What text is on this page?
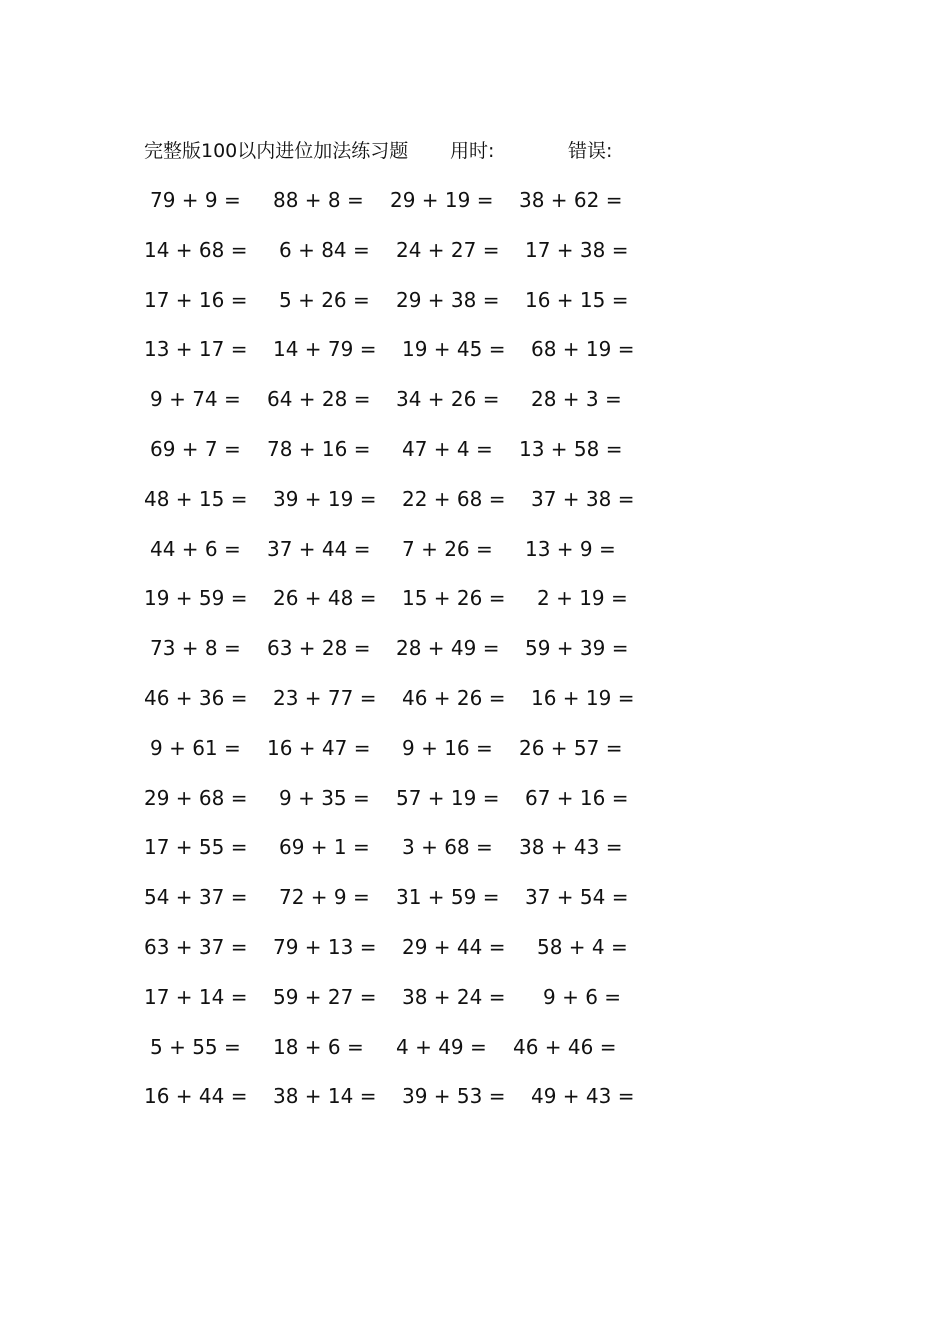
完整版100以内进位加法练习题 用时:	错误:
79 + 9 = 88 + 8 = 29 + 19 = 38 + 62 =
14 + 68 = 6 + 84 = 24 + 27 = 17 + 38 =
17 + 16 = 5 + 26 = 29 + 38 = 16 + 15 =
13 + 17 = 14 + 79 = 19 + 45 = 68 + 19 =
9 + 74 = 64 + 28 = 34 + 26 = 28 + 3 =
69 + 7 = 78 + 16 = 47 + 4 = 13 + 58 =
48 + 15 = 39 + 19 = 22 + 68 = 37 + 38 =
44 + 6 = 37 + 44 = 7 + 26 = 13 + 9 =
19 + 59 = 26 + 48 = 15 + 26 = 2 + 19 =
73 + 8 = 63 + 28 = 28 + 49 = 59 + 39 =
46 + 36 = 23 + 77 = 46 + 26 = 16 + 19 =
9 + 61 = 16 + 47 = 9 + 16 = 26 + 57 =
29 + 68 = 9 + 35 = 57 + 19 = 67 + 16 =
17 + 55 = 69 + 1 = 3 + 68 = 38 + 43 =
54 + 37 = 72 + 9 = 31 + 59 = 37 + 54 =
63 + 37 = 79 + 13 = 29 + 44 = 58 + 4 =
17 + 14 = 59 + 27 = 38 + 24 = 9 + 6 =
5 + 55 = 18 + 6 = 4 + 49 = 46 + 46 =
16 + 44 = 38 + 14 = 39 + 53 = 49 + 43 =
